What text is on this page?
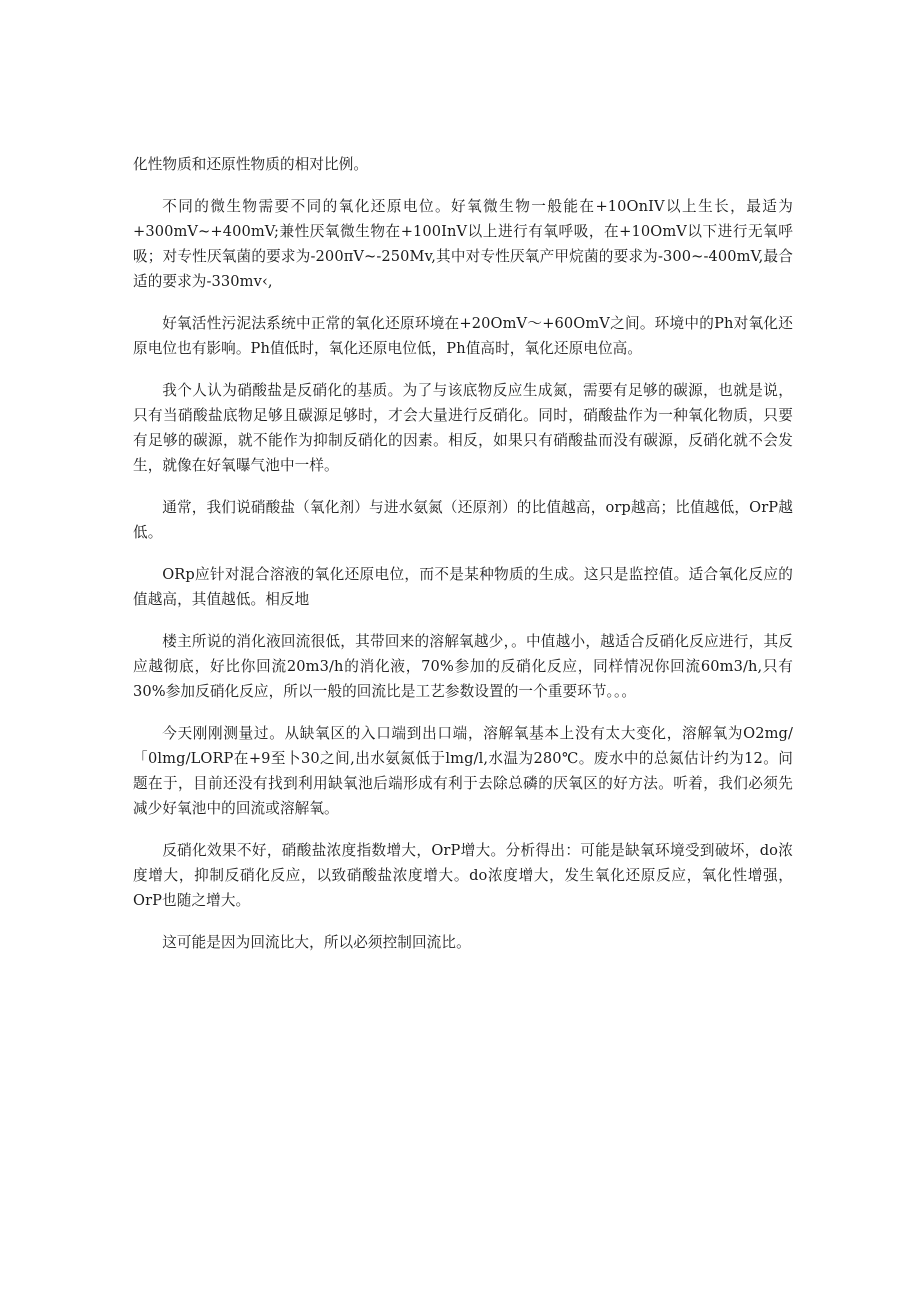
化性物质和还原性物质的相对比例。

不同的微生物需要不同的氧化还原电位。好氧微生物一般能在+10OnIV以上生长，最适为+300mV~+400mV;兼性厌氧微生物在+100InV以上进行有氧呼吸，在+10OmV以下进行无氧呼吸；对专性厌氧菌的要求为-200πV~-250Mv,其中对专性厌氧产甲烷菌的要求为-300~-400mV,最合适的要求为-330mv‹,

好氧活性污泥法系统中正常的氧化还原环境在+20OmV～+60OmV之间。环境中的Ph对氧化还原电位也有影响。Ph值低时，氧化还原电位低，Ph值高时，氧化还原电位高。

我个人认为硝酸盐是反硝化的基质。为了与该底物反应生成氮，需要有足够的碳源，也就是说，只有当硝酸盐底物足够且碳源足够时，才会大量进行反硝化。同时，硝酸盐作为一种氧化物质，只要有足够的碳源，就不能作为抑制反硝化的因素。相反，如果只有硝酸盐而没有碳源，反硝化就不会发生，就像在好氧曝气池中一样。

通常，我们说硝酸盐（氧化剂）与进水氨氮（还原剂）的比值越高，orp越高；比值越低，OrP越低。

ORp应针对混合溶液的氧化还原电位，而不是某种物质的生成。这只是监控值。适合氧化反应的值越高，其值越低。相反地

楼主所说的消化液回流很低，其带回来的溶解氧越少，。中值越小，越适合反硝化反应进行，其反应越彻底，好比你回流20m3∕h的消化液，70%参加的反硝化反应，同样情况你回流60m3∕h,只有30%参加反硝化反应，所以一般的回流比是工艺参数设置的一个重要环节。。。

今天刚刚测量过。从缺氧区的入口端到出口端，溶解氧基本上没有太大变化，溶解氧为O2mg/「0lmg∕LORP在+9至卜30之间,出水氨氮低于lmg∕l,水温为280℃。废水中的总氮估计约为12。问题在于，目前还没有找到利用缺氧池后端形成有利于去除总磷的厌氧区的好方法。听着，我们必须先减少好氧池中的回流或溶解氧。

反硝化效果不好，硝酸盐浓度指数增大，OrP增大。分析得出：可能是缺氧环境受到破坏，do浓度增大，抑制反硝化反应，以致硝酸盐浓度增大。do浓度增大，发生氧化还原反应，氧化性增强，OrP也随之增大。

这可能是因为回流比大，所以必须控制回流比。
